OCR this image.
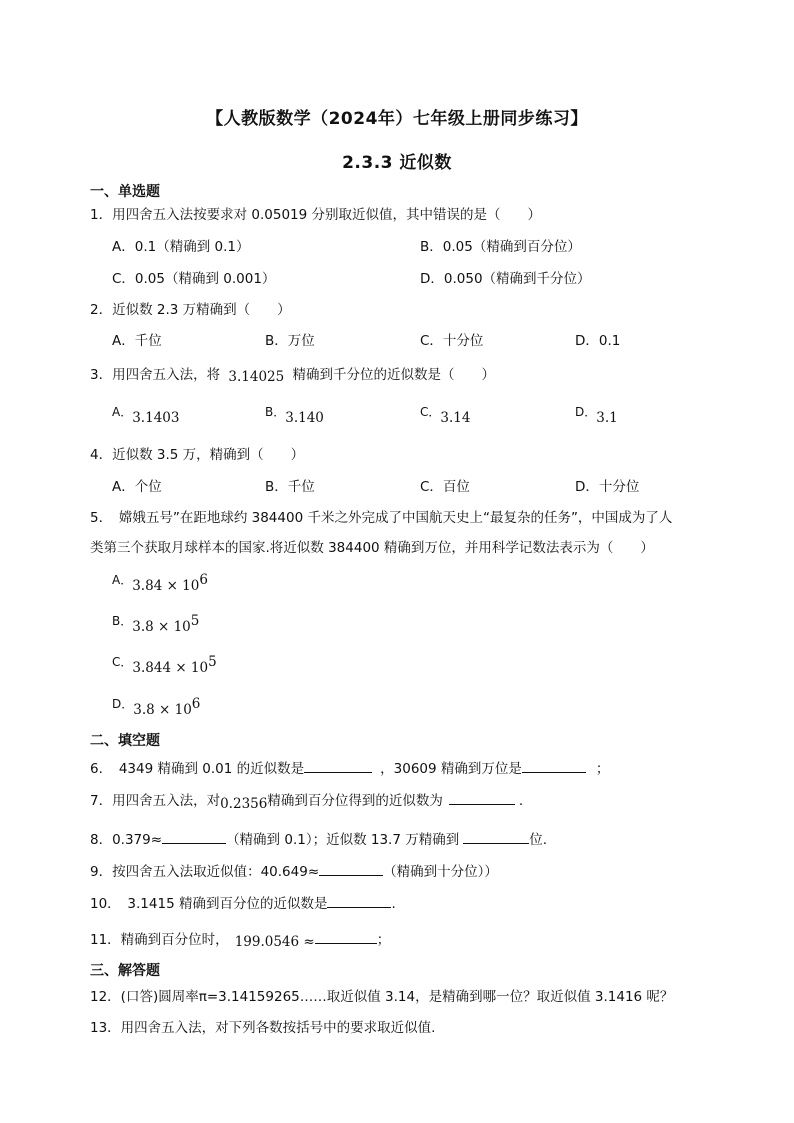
【人教版数学（2024年）七年级上册同步练习】
2.3.3 近似数
一、单选题
1．用四舍五入法按要求对 0.05019 分别取近似值，其中错误的是（　　）
A．0.1（精确到 0.1）	B．0.05（精确到百分位）
C．0.05（精确到 0.001）	D．0.050（精确到千分位）
2．近似数 2.3 万精确到（　　）
A．千位	B．万位	C．十分位	D．0.1
3．用四舍五入法，将 3.14025 精确到千分位的近似数是（　　）
A．3.1403	B．3.140	C．3.14	D．3.1
4．近似数 3.5 万，精确到（　　）
A．个位	B．千位	C．百位	D．十分位
5．　嫦娥五号”在距地球约 384400 千米之外完成了中国航天史上“最复杂的任务”，中国成为了人
类第三个获取月球样本的国家.将近似数 384400 精确到万位，并用科学记数法表示为（　　）
A．$3.84 \times 10^6$
B．$3.8 \times 10^5$
C．$3.844 \times 10^5$
D．$3.8 \times 10^6$
二、填空题
6．　4349 精确到 0.01 的近似数是	，30609 精确到万位是	；
7．用四舍五入法，对0.2356精确到百分位得到的近似数为	.
8．0.379≈	（精确到 0.1）；近似数 13.7 万精确到	位.
9．按四舍五入法取近似值：40.649≈	（精确到十分位））
10．　3.1415 精确到百分位的近似数是	.
11．精确到百分位时， 199.0546 ≈	；
三、解答题
12．(口答)圆周率π=3.14159265……取近似值 3.14，是精确到哪一位？取近似值 3.1416 呢？
13．用四舍五入法，对下列各数按括号中的要求取近似值.
